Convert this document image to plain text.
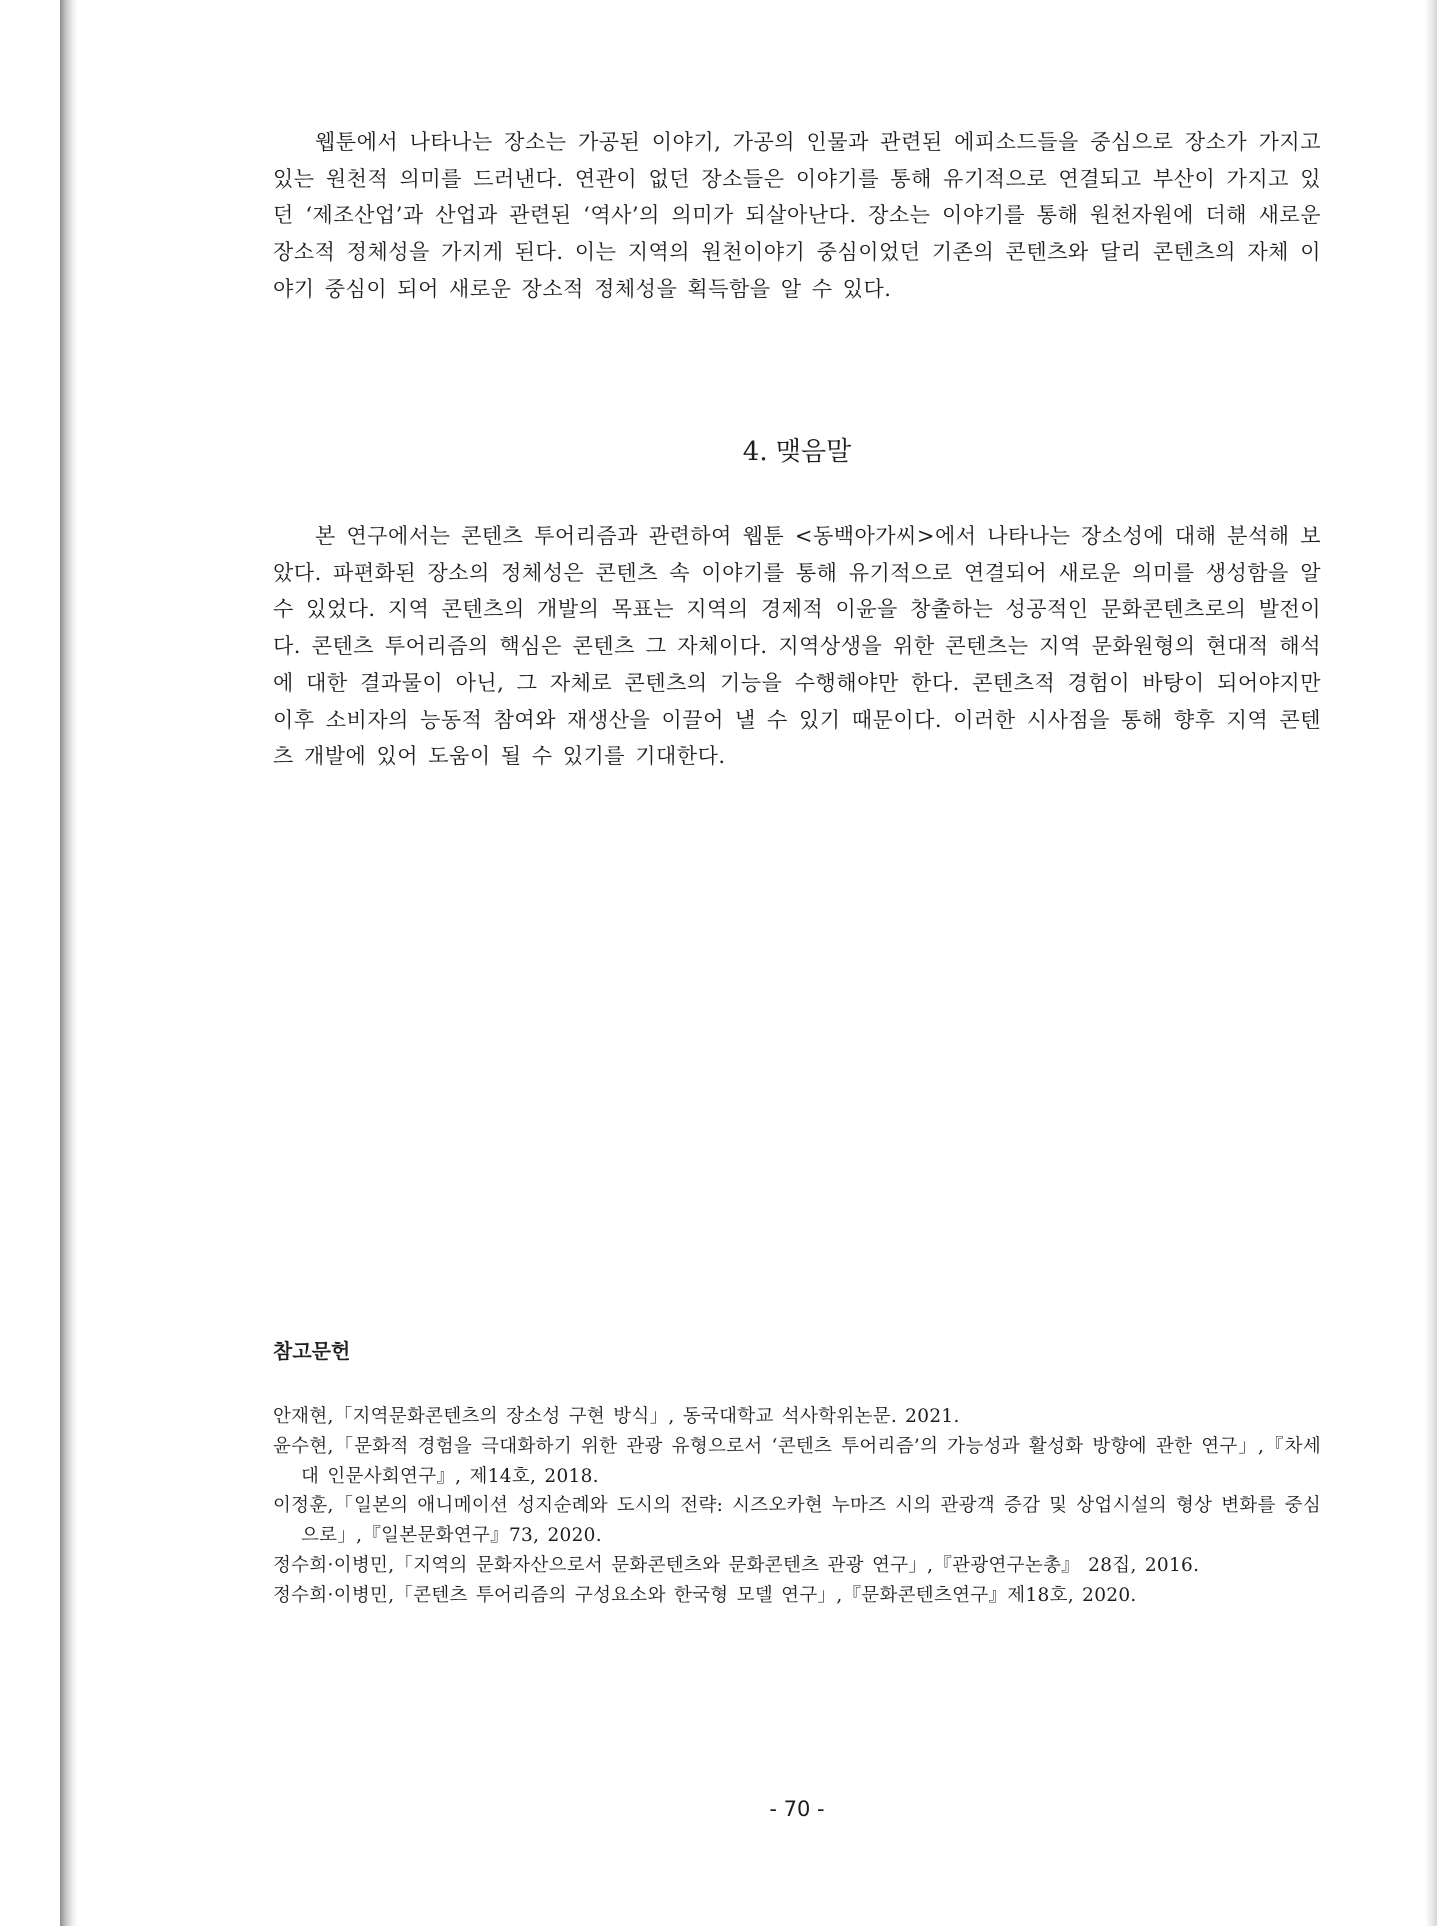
웹툰에서 나타나는 장소는 가공된 이야기, 가공의 인물과 관련된 에피소드들을 중심으로 장소가 가지고 있는 원천적 의미를 드러낸다. 연관이 없던 장소들은 이야기를 통해 유기적으로 연결되고 부산이 가지고 있던 ‘제조산업’과 산업과 관련된 ‘역사’의 의미가 되살아난다. 장소는 이야기를 통해 원천자원에 더해 새로운 장소적 정체성을 가지게 된다. 이는 지역의 원천이야기 중심이었던 기존의 콘텐츠와 달리 콘텐츠의 자체 이야기 중심이 되어 새로운 장소적 정체성을 획득함을 알 수 있다.

4. 맺음말

본 연구에서는 콘텐츠 투어리즘과 관련하여 웹툰 <동백아가씨>에서 나타나는 장소성에 대해 분석해 보았다. 파편화된 장소의 정체성은 콘텐츠 속 이야기를 통해 유기적으로 연결되어 새로운 의미를 생성함을 알 수 있었다. 지역 콘텐츠의 개발의 목표는 지역의 경제적 이윤을 창출하는 성공적인 문화콘텐츠로의 발전이다. 콘텐츠 투어리즘의 핵심은 콘텐츠 그 자체이다. 지역상생을 위한 콘텐츠는 지역 문화원형의 현대적 해석에 대한 결과물이 아닌, 그 자체로 콘텐츠의 기능을 수행해야만 한다. 콘텐츠적 경험이 바탕이 되어야지만 이후 소비자의 능동적 참여와 재생산을 이끌어 낼 수 있기 때문이다. 이러한 시사점을 통해 향후 지역 콘텐츠 개발에 있어 도움이 될 수 있기를 기대한다.

참고문헌
안재현,「지역문화콘텐츠의 장소성 구현 방식」, 동국대학교 석사학위논문. 2021.
윤수현,「문화적 경험을 극대화하기 위한 관광 유형으로서 ‘콘텐츠 투어리즘’의 가능성과 활성화 방향에 관한 연구」,『차세대 인문사회연구』, 제14호, 2018.
이정훈,「일본의 애니메이션 성지순례와 도시의 전략: 시즈오카현 누마즈 시의 관광객 증감 및 상업시설의 형상 변화를 중심으로」,『일본문화연구』73, 2020.
정수희·이병민,「지역의 문화자산으로서 문화콘텐츠와 문화콘텐츠 관광 연구」,『관광연구논총』 28집, 2016.
정수희·이병민,「콘텐츠 투어리즘의 구성요소와 한국형 모델 연구」,『문화콘텐츠연구』제18호, 2020.
- 70 -
